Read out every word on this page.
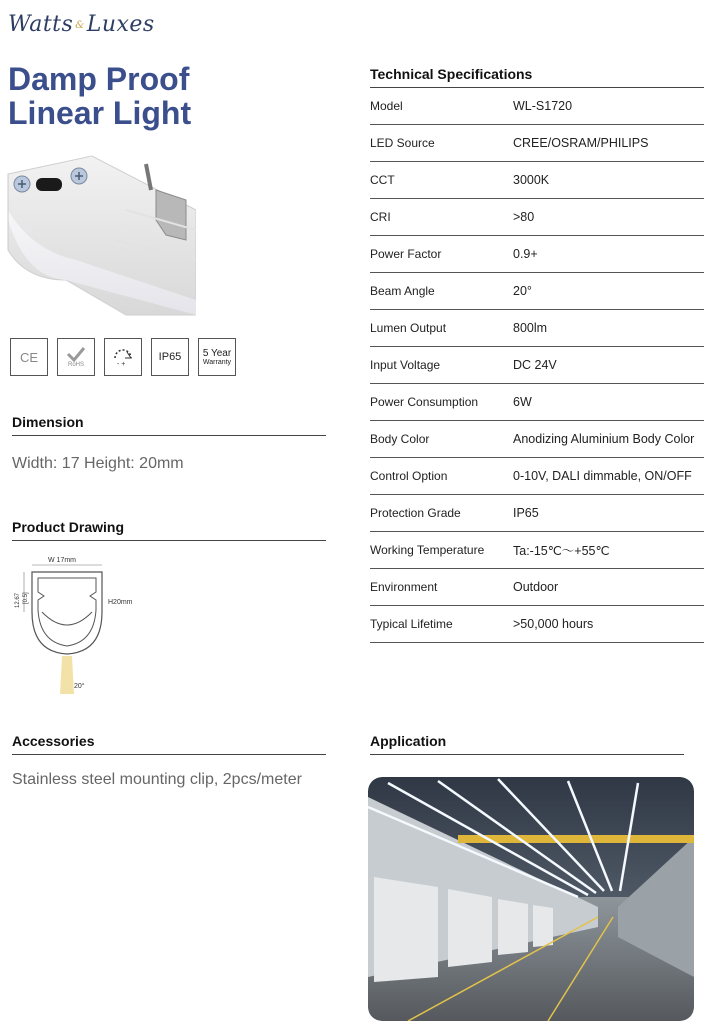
Watts &Luxes
Damp Proof
Linear Light
CE
RoHS	- +
IP65 5 Year
Warranty
Dimension
Width: 17 Height: 20mm
Product Drawing
W 17mm
12.67 [0.5]	H20mm
20°
Accessories
Stainless steel mounting clip, 2pcs/meter
Technical Specifications
Model	WL-S1720
LED Source	CREE/OSRAM/PHILIPS
CCT	3000K
CRI	>80
Power Factor	0.9+
Beam Angle	20°
Lumen Output	800lm
Input Voltage	DC 24V
Power Consumption	6W
Body Color	Anodizing Aluminium Body Color
Control Option	0-10V, DALI dimmable, ON/OFF
Protection Grade	IP65
Working Temperature	Ta:-15℃～+55℃
Environment	Outdoor
Typical Lifetime	>50,000 hours
Application
